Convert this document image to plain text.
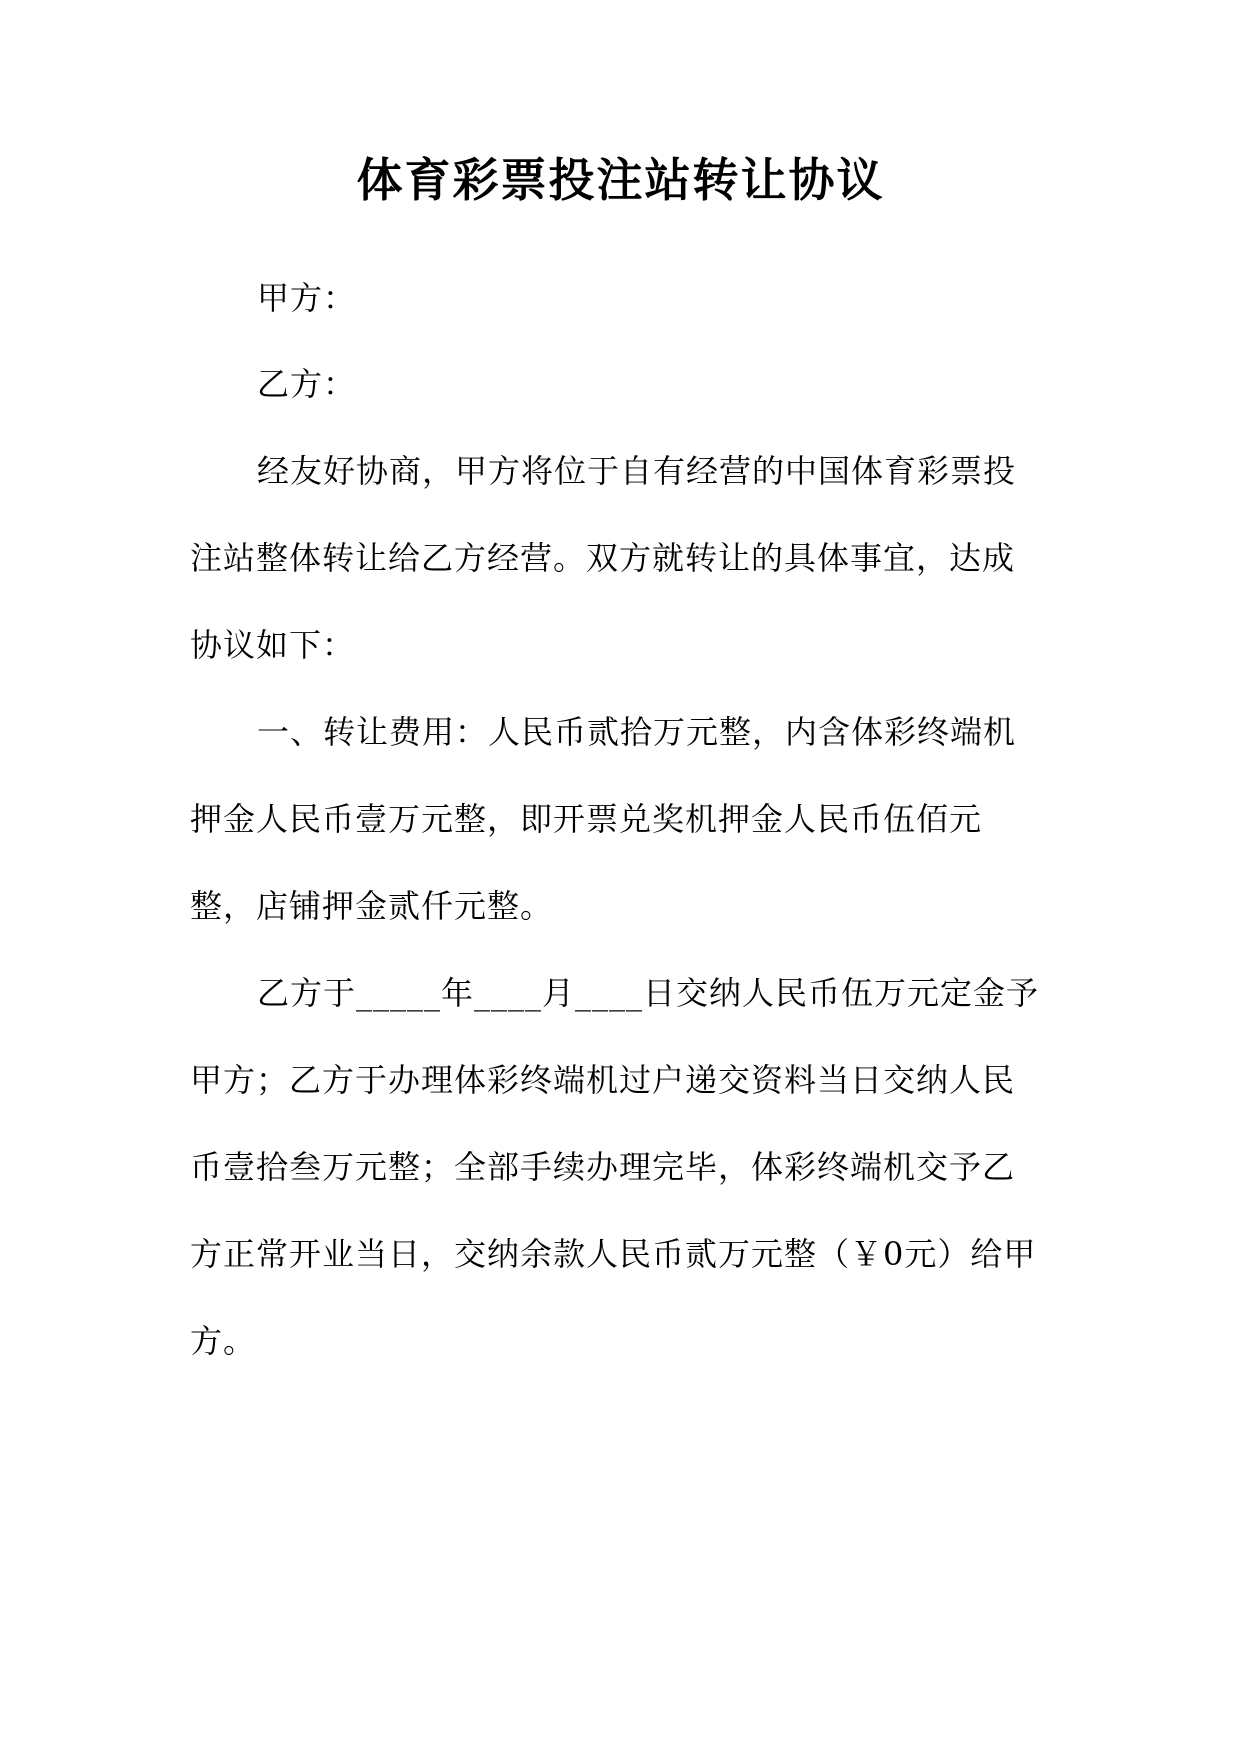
体育彩票投注站转让协议
甲方：
乙方：
经友好协商，甲方将位于自有经营的中国体育彩票投
注站整体转让给乙方经营。双方就转让的具体事宜，达成
协议如下：
一、转让费用：人民币贰拾万元整，内含体彩终端机
押金人民币壹万元整，即开票兑奖机押金人民币伍佰元
整，店铺押金贰仟元整。
乙方于_____年____月____日交纳人民币伍万元定金予
甲方；乙方于办理体彩终端机过户递交资料当日交纳人民
币壹拾叁万元整；全部手续办理完毕，体彩终端机交予乙
方正常开业当日，交纳余款人民币贰万元整（￥0元）给甲
方。
